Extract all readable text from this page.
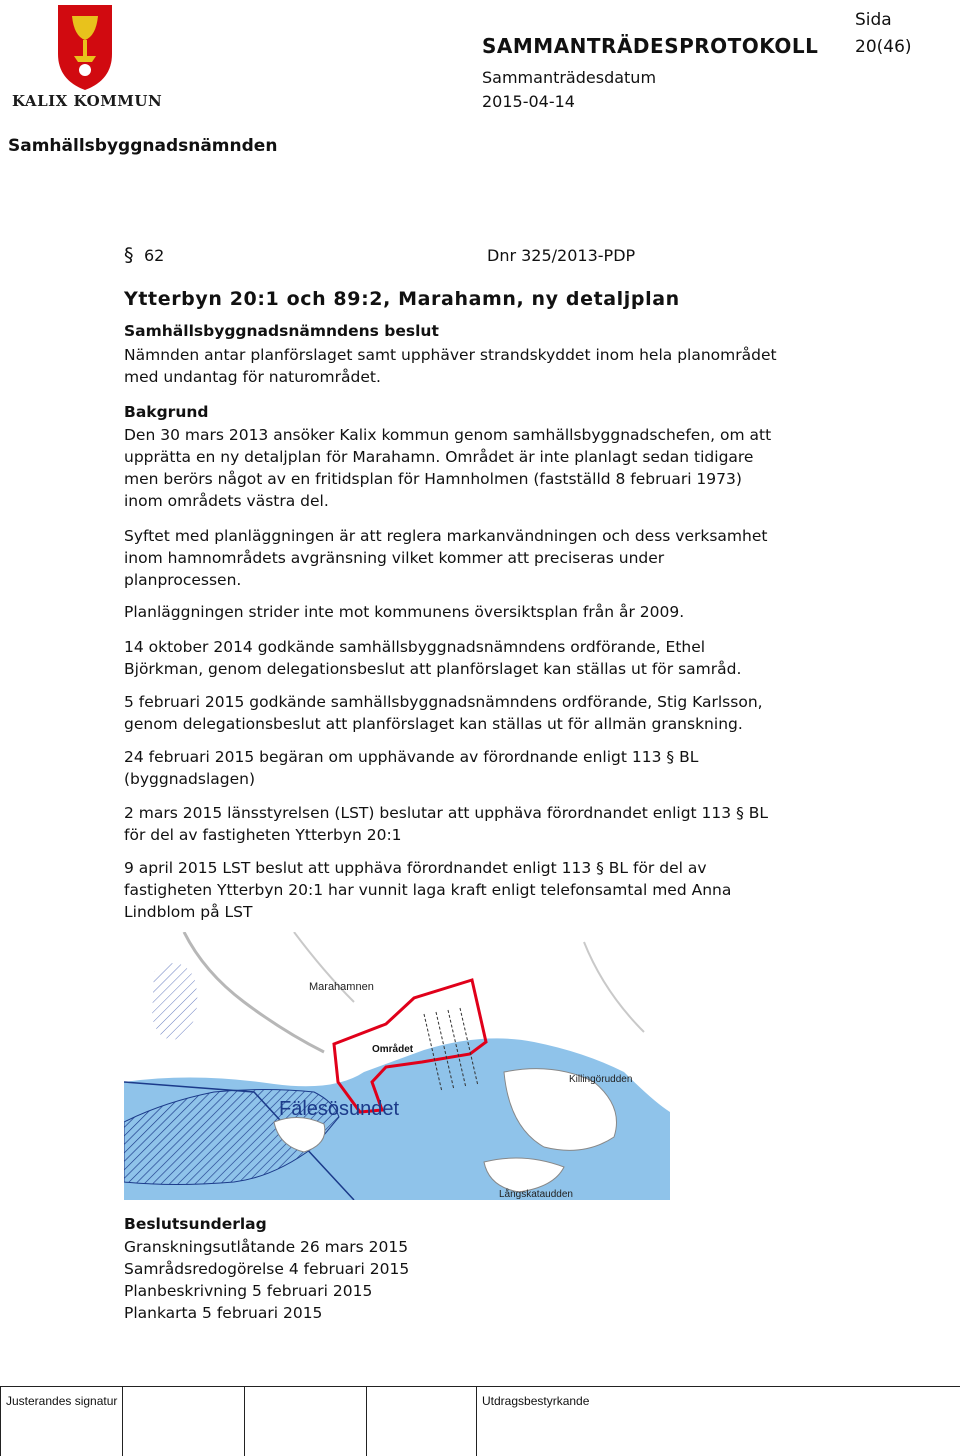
KALIX KOMMUN
SAMMANTRÄDESPROTOKOLL
Sida
20(46)
Sammanträdesdatum
2015-04-14
Samhällsbyggnadsnämnden
§ 62	Dnr 325/2013-PDP
Ytterbyn 20:1 och 89:2, Marahamn, ny detaljplan
Samhällsbyggnadsnämndens beslut
Nämnden antar planförslaget samt upphäver strandskyddet inom hela planområdet
med undantag för naturområdet.
Bakgrund
Den 30 mars 2013 ansöker Kalix kommun genom samhällsbyggnadschefen, om att
upprätta en ny detaljplan för Marahamn. Området är inte planlagt sedan tidigare
men berörs något av en fritidsplan för Hamnholmen (fastställd 8 februari 1973)
inom områdets västra del.
Syftet med planläggningen är att reglera markanvändningen och dess verksamhet
inom hamnområdets avgränsning vilket kommer att preciseras under
planprocessen.
Planläggningen strider inte mot kommunens översiktsplan från år 2009.
14 oktober 2014 godkände samhällsbyggnadsnämndens ordförande, Ethel
Björkman, genom delegationsbeslut att planförslaget kan ställas ut för samråd.
5 februari 2015 godkände samhällsbyggnadsnämndens ordförande, Stig Karlsson,
genom delegationsbeslut att planförslaget kan ställas ut för allmän granskning.
24 februari 2015 begäran om upphävande av förordnande enligt 113 § BL
(byggnadslagen)
2 mars 2015 länsstyrelsen (LST) beslutar att upphäva förordnandet enligt 113 § BL
för del av fastigheten Ytterbyn 20:1
9 april 2015 LST beslut att upphäva förordnandet enligt 113 § BL för del av
fastigheten Ytterbyn 20:1 har vunnit laga kraft enligt telefonsamtal med Anna
Lindblom på LST
Marahamnen
Området
Fälesösundet
Killingörudden
Långskataudden
Beslutsunderlag
Granskningsutlåtande 26 mars 2015
Samrådsredogörelse 4 februari 2015
Planbeskrivning 5 februari 2015
Plankarta 5 februari 2015
Justerandes signatur	Utdragsbestyrkande
